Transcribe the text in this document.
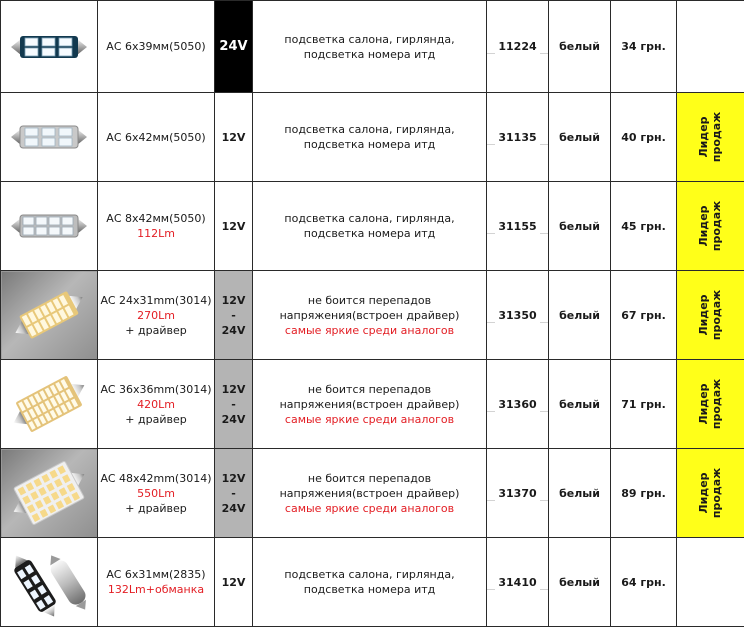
АС 6х39мм(5050)	24V	подсветка салона, гирлянда, подсветка номера итд	11224	белый	34 грн.	

АС 6х42мм(5050)	12V	подсветка салона, гирлянда, подсветка номера итд	31135	белый	40 грн.	Лидер продаж

АС 8х42мм(5050)
112Lm	12V	подсветка салона, гирлянда, подсветка номера итд	31155	белый	45 грн.	Лидер продаж

AC 24x31mm(3014)
270Lm
+ драйвер	12V
-
24V	не боится перепадов напряжения(встроен драйвер)
самые яркие среди аналогов	31350	белый	67 грн.	Лидер продаж

AC 36x36mm(3014)
420Lm
+ драйвер	12V
-
24V	не боится перепадов напряжения(встроен драйвер)
самые яркие среди аналогов	31360	белый	71 грн.	Лидер продаж

AC 48x42mm(3014)
550Lm
+ драйвер	12V
-
24V	не боится перепадов напряжения(встроен драйвер)
самые яркие среди аналогов	31370	белый	89 грн.	Лидер продаж

AC 6x31мм(2835)
132Lm+обманка	12V	подсветка салона, гирлянда, подсветка номера итд	31410	белый	64 грн.	
